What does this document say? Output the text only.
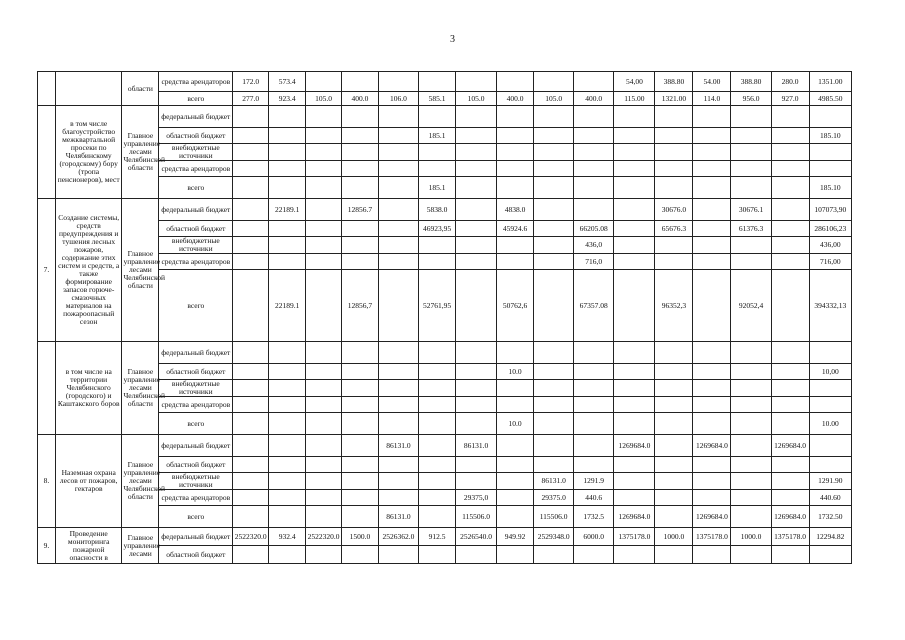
3
		области	средства арендаторов	172.0	573.4									54,00	388.80	54.00	388.80	280.0	1351.00
			всего	277.0	923.4	105.0	400.0	106.0	585.1	105.0	400.0	105.0	400.0	115.00	1321.00	114.0	956.0	927.0	4985.50
	в том числе благоустройство межквартальной просеки по Челябинскому (городскому) бору (тропа пенсионеров), мест	Главное управление лесами Челябинской области	федеральный бюджет																
			областной бюджет						185.1										185.10
			внебюджетные источники																
			средства арендаторов																
			всего						185.1										185.10
7.	Создание системы, средств предупреждения и тушения лесных пожаров, содержание этих систем и средств, а также формирование запасов горюче-смазочных материалов на пожароопасный сезон	Главное управление лесами Челябинской области	федеральный бюджет		22189.1		12856.7		5838.0		4838.0				30676.0		30676.1		107073,90
			областной бюджет						46923,95		45924.6		66205.08		65676.3		61376.3		286106,23
			внебюджетные источники										436,0						436,00
			средства арендаторов										716,0						716,00
			всего		22189.1		12856,7		52761,95		50762,6		67357.08		96352,3		92052,4		394332,13
	в том числе на территории Челябинского (городского) и Каштакского боров	Главное управление лесами Челябинской области	федеральный бюджет																
			областной бюджет								10.0								10,00
			внебюджетные источники																
			средства арендаторов																
			всего								10.0								10.00
8.	Наземная охрана лесов от пожаров, гектаров	Главное управление лесами Челябинской области	федеральный бюджет					86131.0		86131.0				1269684.0		1269684.0		1269684.0	
			областной бюджет																
			внебюджетные источники									86131.0	1291.9						1291.90
			средства арендаторов							29375,0		29375.0	440.6						440.60
			всего					86131.0		115506.0		115506.0	1732.5	1269684.0		1269684.0		1269684.0	1732.50
9.	Проведение мониторинга пожарной опасности в	Главное управление лесами	федеральный бюджет	2522320.0	932.4	2522320.0	1500.0	2526362.0	912.5	2526540.0	949.92	2529348.0	6000.0	1375178.0	1000.0	1375178.0	1000.0	1375178.0	12294.82
			областной бюджет																
